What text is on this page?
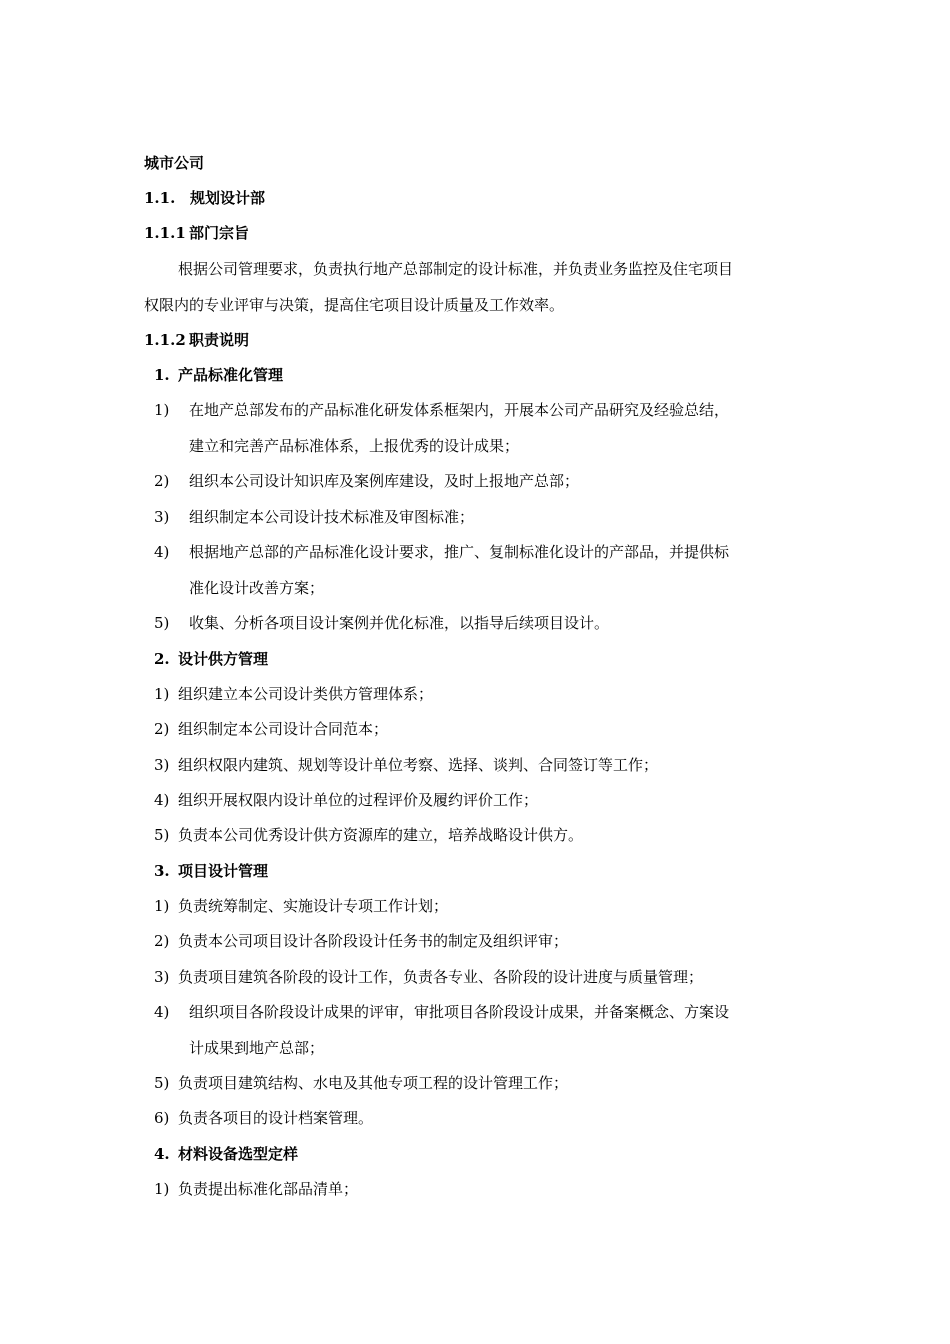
城市公司
1.1. 规划设计部
1.1.1 部门宗旨
根据公司管理要求，负责执行地产总部制定的设计标准，并负责业务监控及住宅项目
权限内的专业评审与决策，提高住宅项目设计质量及工作效率。
1.1.2 职责说明
1. 产品标准化管理
1) 在地产总部发布的产品标准化研发体系框架内，开展本公司产品研究及经验总结，
建立和完善产品标准体系，上报优秀的设计成果；
2) 组织本公司设计知识库及案例库建设，及时上报地产总部；
3) 组织制定本公司设计技术标准及审图标准；
4) 根据地产总部的产品标准化设计要求，推广、复制标准化设计的产部品，并提供标
准化设计改善方案；
5) 收集、分析各项目设计案例并优化标准，以指导后续项目设计。
2. 设计供方管理
1) 组织建立本公司设计类供方管理体系；
2) 组织制定本公司设计合同范本；
3) 组织权限内建筑、规划等设计单位考察、选择、谈判、合同签订等工作；
4) 组织开展权限内设计单位的过程评价及履约评价工作；
5) 负责本公司优秀设计供方资源库的建立，培养战略设计供方。
3. 项目设计管理
1) 负责统筹制定、实施设计专项工作计划；
2) 负责本公司项目设计各阶段设计任务书的制定及组织评审；
3) 负责项目建筑各阶段的设计工作，负责各专业、各阶段的设计进度与质量管理；
4) 组织项目各阶段设计成果的评审，审批项目各阶段设计成果，并备案概念、方案设
计成果到地产总部；
5) 负责项目建筑结构、水电及其他专项工程的设计管理工作；
6) 负责各项目的设计档案管理。
4. 材料设备选型定样
1) 负责提出标准化部品清单；
